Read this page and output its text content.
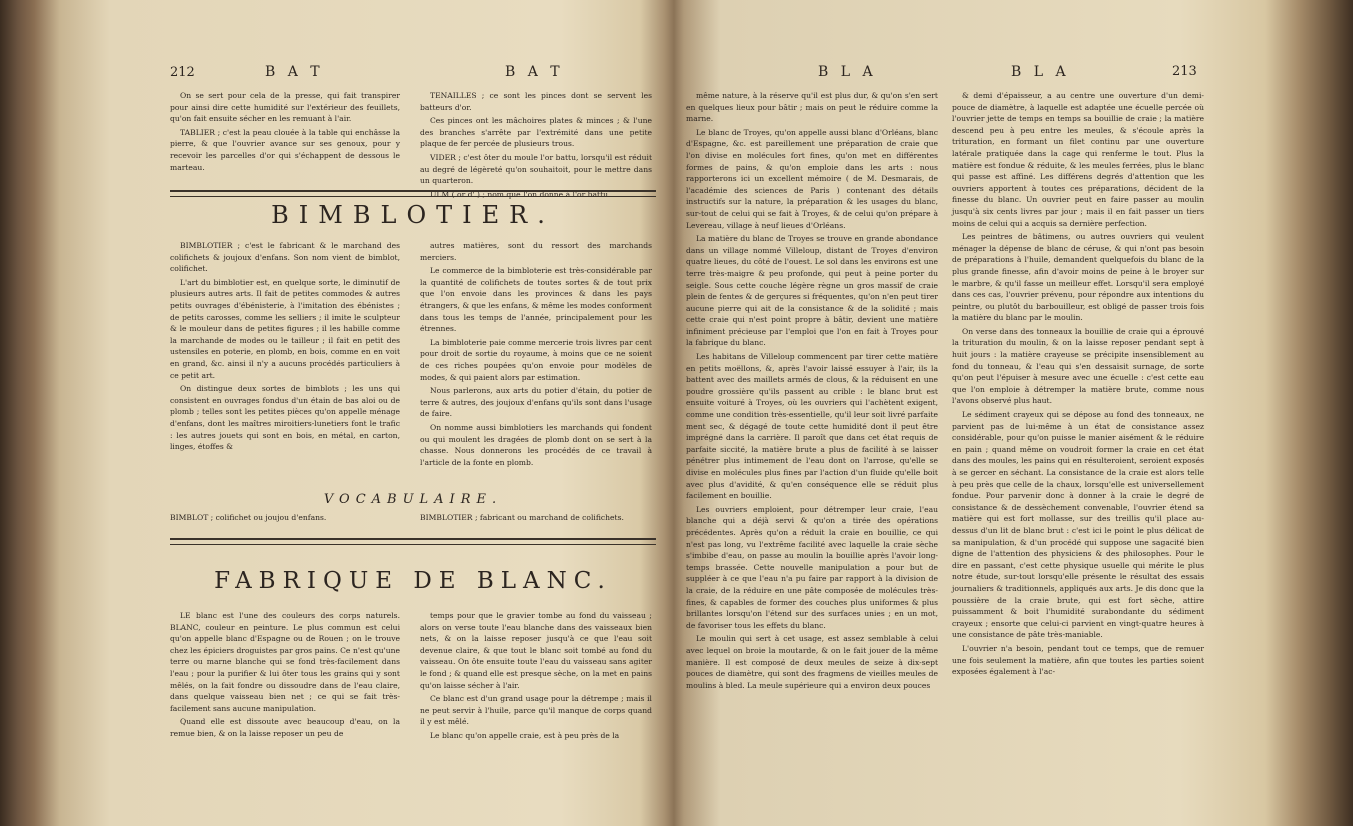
212	B A T	B A T

On se sert pour cela de la presse, qui fait transpirer pour ainsi dire cette humidité sur l'extérieur des feuillets, qu'on fait ensuite sécher en les remuant à l'air.

TABLIER ; c'est la peau clouée à la table qui enchâsse la pierre, & que l'ouvrier avance sur ses genoux, pour y recevoir les parcelles d'or qui s'échappent de dessous le marteau.

TENAILLES ; ce sont les pinces dont se servent les batteurs d'or.

Ces pinces ont les mâchoires plates & minces ; & l'une des branches s'arrête par l'extrémité dans une petite plaque de fer percée de plusieurs trous.

VIDER ; c'est ôter du moule l'or battu, lorsqu'il est réduit au degré de légèreté qu'on souhaitoit, pour le mettre dans un quarteron.

ULM ( or d' ) ; nom que l'on donne à l'or battu.

BIMBLOTIER.

BIMBLOTIER ; c'est le fabricant & le marchand des colifichets & joujoux d'enfans. Son nom vient de bimblot, colifichet.

L'art du bimblotier est, en quelque sorte, le diminutif de plusieurs autres arts. Il fait de petites commodes & autres petits ouvrages d'ébénisterie, à l'imitation des ébénistes ; de petits carosses, comme les selliers ; il imite le sculpteur & le mouleur dans de petites figures ; il les habille comme la marchande de modes ou le tailleur ; il fait en petit des ustensiles en poterie, en plomb, en bois, comme en en voit en grand, &c. ainsi il n'y a aucuns procédés particuliers à ce petit art.

On distingue deux sortes de bimblots ; les uns qui consistent en ouvrages fondus d'un étain de bas aloi ou de plomb ; telles sont les petites pièces qu'on appelle ménage d'enfans, dont les maîtres miroitiers-lunetiers font le trafic : les autres jouets qui sont en bois, en métal, en carton, linges, étoffes &

autres matières, sont du ressort des marchands merciers.

Le commerce de la bimbloterie est très-considérable par la quantité de colifichets de toutes sortes & de tout prix que l'on envoie dans les provinces & dans les pays étrangers, & que les enfans, & même les modes conforment dans tous les temps de l'année, principalement pour les étrennes.

La bimbloterie paie comme mercerie trois livres par cent pour droit de sortie du royaume, à moins que ce ne soient de ces riches poupées qu'on envoie pour modèles de modes, & qui paient alors par estimation.

Nous parlerons, aux arts du potier d'étain, du potier de terre & autres, des joujoux d'enfans qu'ils sont dans l'usage de faire.

On nomme aussi bimblotiers les marchands qui fondent ou qui moulent les dragées de plomb dont on se sert à la chasse. Nous donnerons les procédés de ce travail à l'article de la fonte en plomb.

VOCABULAIRE.

BIMBLOT ; colifichet ou joujou d'enfans.	BIMBLOTIER ; fabricant ou marchand de colifichets.

FABRIQUE DE BLANC.

LE blanc est l'une des couleurs des corps naturels. BLANC, couleur en peinture. Le plus commun est celui qu'on appelle blanc d'Espagne ou de Rouen ; on le trouve chez les épiciers droguistes par gros pains. Ce n'est qu'une terre ou marne blanche qui se fond très-facilement dans l'eau ; pour la purifier & lui ôter tous les grains qui y sont mêlés, on la fait fondre ou dissoudre dans de l'eau claire, dans quelque vaisseau bien net ; ce qui se fait très-facilement sans aucune manipulation.

Quand elle est dissoute avec beaucoup d'eau, on la remue bien, & on la laisse reposer un peu de

temps pour que le gravier tombe au fond du vaisseau ; alors on verse toute l'eau blanche dans des vaisseaux bien nets, & on la laisse reposer jusqu'à ce que l'eau soit devenue claire, & que tout le blanc soit tombé au fond du vaisseau. On ôte ensuite toute l'eau du vaisseau sans agiter le fond ; & quand elle est presque sèche, on la met en pains qu'on laisse sécher à l'air.

Ce blanc est d'un grand usage pour la détrempe ; mais il ne peut servir à l'huile, parce qu'il manque de corps quand il y est mêlé.

Le blanc qu'on appelle craie, est à peu près de la

B L A	B L A	213

même nature, à la réserve qu'il est plus dur, & qu'on s'en sert en quelques lieux pour bâtir ; mais on peut le réduire comme la marne.

Le blanc de Troyes, qu'on appelle aussi blanc d'Orléans, blanc d'Espagne, &c. est pareillement une préparation de craie que l'on divise en molécules fort fines, qu'on met en différentes formes de pains, & qu'on emploie dans les arts : nous rapporterons ici un excellent mémoire ( de M. Desmarais, de l'académie des sciences de Paris ) contenant des détails instructifs sur la nature, la préparation & les usages du blanc, sur-tout de celui qui se fait à Troyes, & de celui qu'on prépare à Levereau, village à neuf lieues d'Orléans.

La matière du blanc de Troyes se trouve en grande abondance dans un village nommé Villeloup, distant de Troyes d'environ quatre lieues, du côté de l'ouest. Le sol dans les environs est une terre très-maigre & peu profonde, qui peut à peine porter du seigle. Sous cette couche légère règne un gros massif de craie plein de fentes & de gerçures si fréquentes, qu'on n'en peut tirer aucune pierre qui ait de la consistance & de la solidité ; mais cette craie qui n'est point propre à bâtir, devient une matière infiniment précieuse par l'emploi que l'on en fait à Troyes pour la fabrique du blanc.

Les habitans de Villeloup commencent par tirer cette matière en petits moëllons, &, après l'avoir laissé essuyer à l'air, ils la battent avec des maillets armés de clous, & la réduisent en une poudre grossière qu'ils passent au crible : le blanc brut est ensuite voituré à Troyes, où les ouvriers qui l'achètent exigent, comme une condition très-essentielle, qu'il leur soit livré parfaite ment sec, & dégagé de toute cette humidité dont il peut être imprégné dans la carrière. Il paroît que dans cet état requis de parfaite siccité, la matière brute a plus de facilité à se laisser pénétrer plus intimement de l'eau dont on l'arrose, qu'elle se divise en molécules plus fines par l'action d'un fluide qu'elle boit avec plus d'avidité, & qu'en conséquence elle se réduit plus facilement en bouillie.

Les ouvriers emploient, pour détremper leur craie, l'eau blanche qui a déjà servi & qu'on a tirée des opérations précédentes. Après qu'on a réduit la craie en bouillie, ce qui n'est pas long, vu l'extrême facilité avec laquelle la craie sèche s'imbibe d'eau, on passe au moulin la bouillie après l'avoir long-temps brassée. Cette nouvelle manipulation a pour but de suppléer à ce que l'eau n'a pu faire par rapport à la division de la craie, de la réduire en une pâte composée de molécules très-fines, & capables de former des couches plus uniformes & plus brillantes lorsqu'on l'étend sur des surfaces unies ; en un mot, de favoriser tous les effets du blanc.

Le moulin qui sert à cet usage, est assez semblable à celui avec lequel on broie la moutarde, & on le fait jouer de la même manière. Il est composé de deux meules de seize à dix-sept pouces de diamètre, qui sont des fragmens de vieilles meules de moulins à bled. La meule supérieure qui a environ deux pouces

& demi d'épaisseur, a au centre une ouverture d'un demi-pouce de diamètre, à laquelle est adaptée une écuelle percée où l'ouvrier jette de temps en temps sa bouillie de craie ; la matière descend peu à peu entre les meules, & s'écoule après la trituration, en formant un filet continu par une ouverture latérale pratiquée dans la cage qui renferme le tout. Plus la matière est fondue & réduite, & les meules ferrées, plus le blanc qui passe est affiné. Les différens degrés d'attention que les ouvriers apportent à toutes ces préparations, décident de la finesse du blanc. Un ouvrier peut en faire passer au moulin jusqu'à six cents livres par jour ; mais il en fait passer un tiers moins de celui qui a acquis sa dernière perfection.

Les peintres de bâtimens, ou autres ouvriers qui veulent ménager la dépense de blanc de céruse, & qui n'ont pas besoin de préparations à l'huile, demandent quelquefois du blanc de la plus grande finesse, afin d'avoir moins de peine à le broyer sur le marbre, & qu'il fasse un meilleur effet. Lorsqu'il sera employé dans ces cas, l'ouvrier prévenu, pour répondre aux intentions du peintre, ou plutôt du barbouilleur, est obligé de passer trois fois la matière du blanc par le moulin.

On verse dans des tonneaux la bouillie de craie qui a éprouvé la trituration du moulin, & on la laisse reposer pendant sept à huit jours : la matière crayeuse se précipite insensiblement au fond du tonneau, & l'eau qui s'en dessaisit surnage, de sorte qu'on peut l'épuiser à mesure avec une écuelle : c'est cette eau que l'on emploie à détremper la matière brute, comme nous l'avons observé plus haut.

Le sédiment crayeux qui se dépose au fond des tonneaux, ne parvient pas de lui-même à un état de consistance assez considérable, pour qu'on puisse le manier aisément & le réduire en pain ; quand même on voudroit former la craie en cet état dans des moules, les pains qui en résulteroient, seroient exposés à se gercer en séchant. La consistance de la craie est alors telle à peu près que celle de la chaux, lorsqu'elle est universellement fondue. Pour parvenir donc à donner à la craie le degré de consistance & de dessèchement convenable, l'ouvrier étend sa matière qui est fort mollasse, sur des treillis qu'il place au-dessus d'un lit de blanc brut : c'est ici le point le plus délicat de sa manipulation, & d'un procédé qui suppose une sagacité bien digne de l'attention des physiciens & des philosophes. Pour le dire en passant, c'est cette physique usuelle qui mérite le plus notre étude, sur-tout lorsqu'elle présente le résultat des essais journaliers & traditionnels, appliqués aux arts. Je dis donc que la poussière de la craie brute, qui est fort sèche, attire puissamment & boit l'humidité surabondante du sédiment crayeux ; ensorte que celui-ci parvient en vingt-quatre heures à une consistance de pâte très-maniable.

L'ouvrier n'a besoin, pendant tout ce temps, que de remuer une fois seulement la matière, afin que toutes les parties soient exposées également à l'ac-
